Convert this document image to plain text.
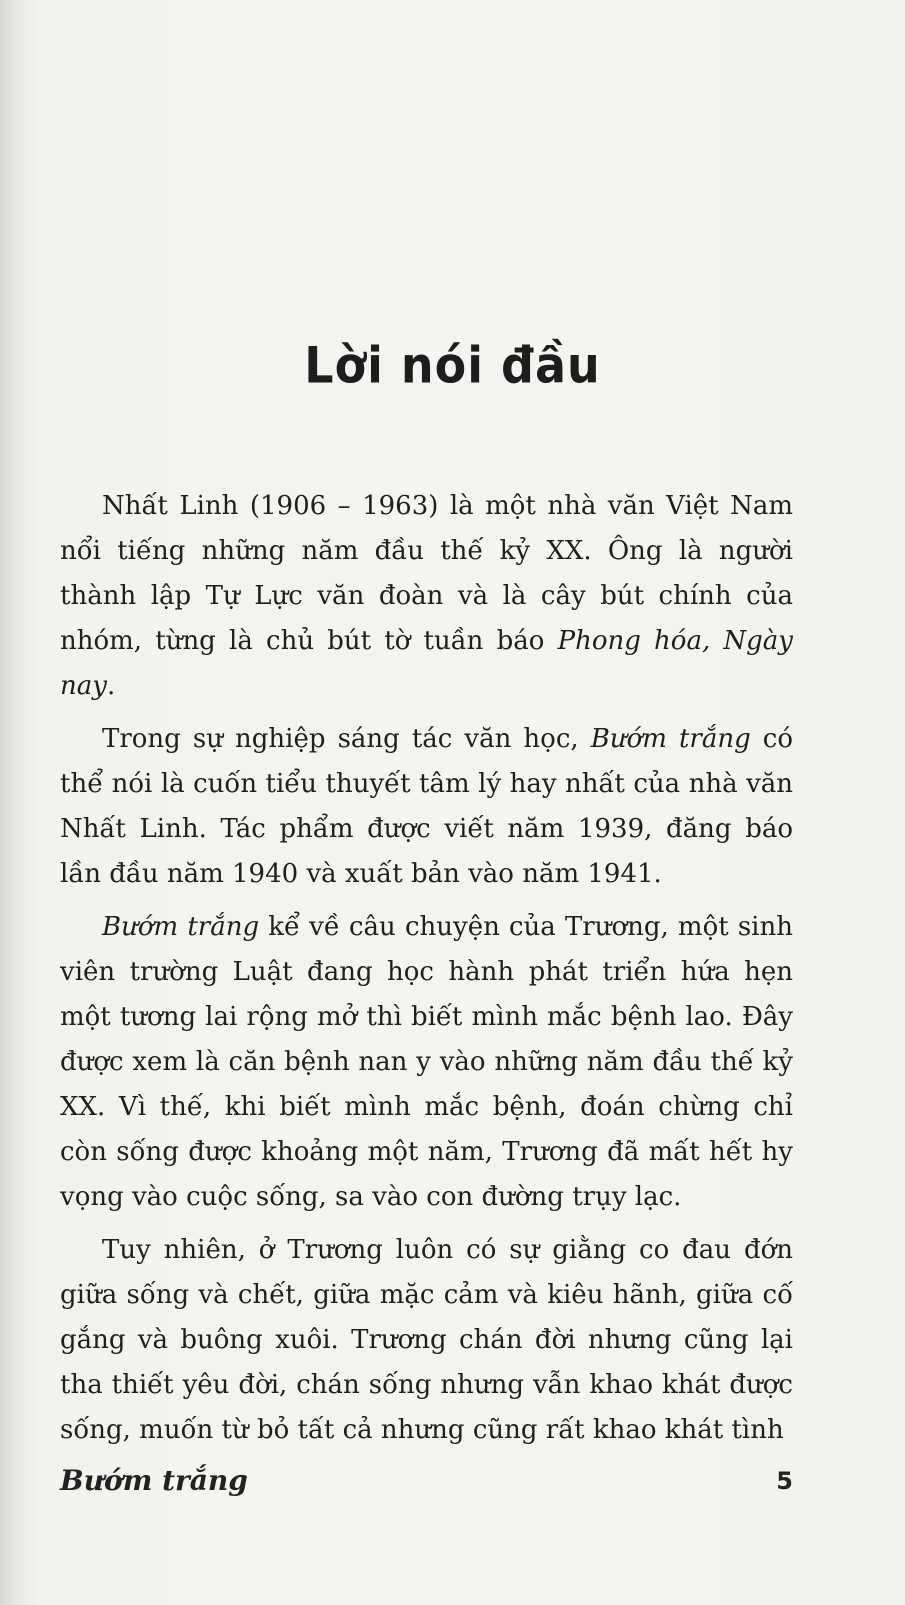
Lời nói đầu

Nhất Linh (1906 – 1963) là một nhà văn Việt Nam nổi tiếng những năm đầu thế kỷ XX. Ông là người thành lập Tự Lực văn đoàn và là cây bút chính của nhóm, từng là chủ bút tờ tuần báo Phong hóa, Ngày nay.

Trong sự nghiệp sáng tác văn học, Bướm trắng có thể nói là cuốn tiểu thuyết tâm lý hay nhất của nhà văn Nhất Linh. Tác phẩm được viết năm 1939, đăng báo lần đầu năm 1940 và xuất bản vào năm 1941.

Bướm trắng kể về câu chuyện của Trương, một sinh viên trường Luật đang học hành phát triển hứa hẹn một tương lai rộng mở thì biết mình mắc bệnh lao. Đây được xem là căn bệnh nan y vào những năm đầu thế kỷ XX. Vì thế, khi biết mình mắc bệnh, đoán chừng chỉ còn sống được khoảng một năm, Trương đã mất hết hy vọng vào cuộc sống, sa vào con đường trụy lạc.

Tuy nhiên, ở Trương luôn có sự giằng co đau đớn giữa sống và chết, giữa mặc cảm và kiêu hãnh, giữa cố gắng và buông xuôi. Trương chán đời nhưng cũng lại tha thiết yêu đời, chán sống nhưng vẫn khao khát được sống, muốn từ bỏ tất cả nhưng cũng rất khao khát tình

Bướm trắng	5
